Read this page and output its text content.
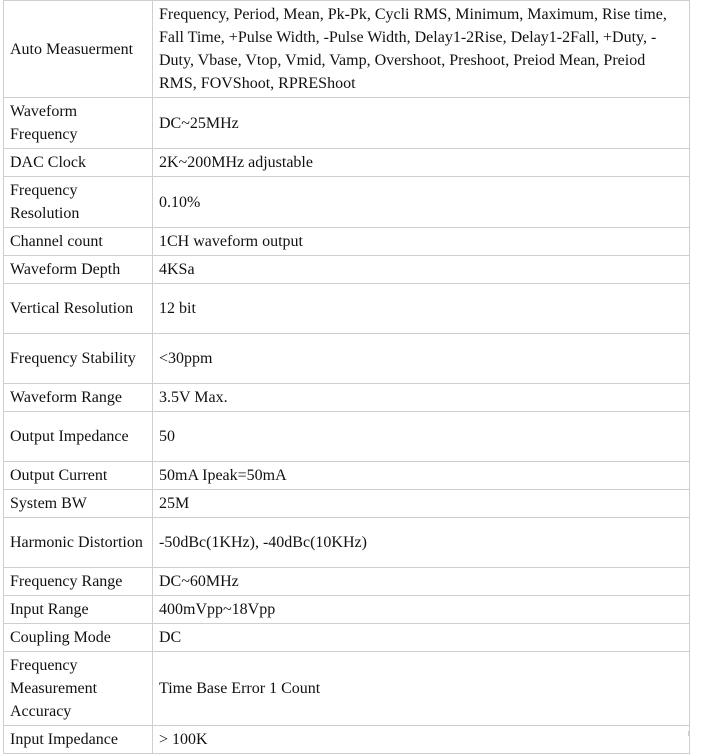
Auto Measuerment	Frequency, Period, Mean, Pk-Pk, Cycli RMS, Minimum, Maximum, Rise time, Fall Time, +Pulse Width, -Pulse Width, Delay1-2Rise, Delay1-2Fall, +Duty, -Duty, Vbase, Vtop, Vmid, Vamp, Overshoot, Preshoot, Preiod Mean, Preiod RMS, FOVShoot, RPREShoot
Waveform Frequency	DC~25MHz
DAC Clock	2K~200MHz adjustable
Frequency Resolution	0.10%
Channel count	1CH waveform output
Waveform Depth	4KSa
Vertical Resolution	12 bit
Frequency Stability	<30ppm
Waveform Range	3.5V Max.
Output Impedance	50
Output Current	50mA Ipeak=50mA
System BW	25M
Harmonic Distortion	-50dBc(1KHz), -40dBc(10KHz)
Frequency Range	DC~60MHz
Input Range	400mVpp~18Vpp
Coupling Mode	DC
Frequency Measurement Accuracy	Time Base Error 1 Count
Input Impedance	> 100K
